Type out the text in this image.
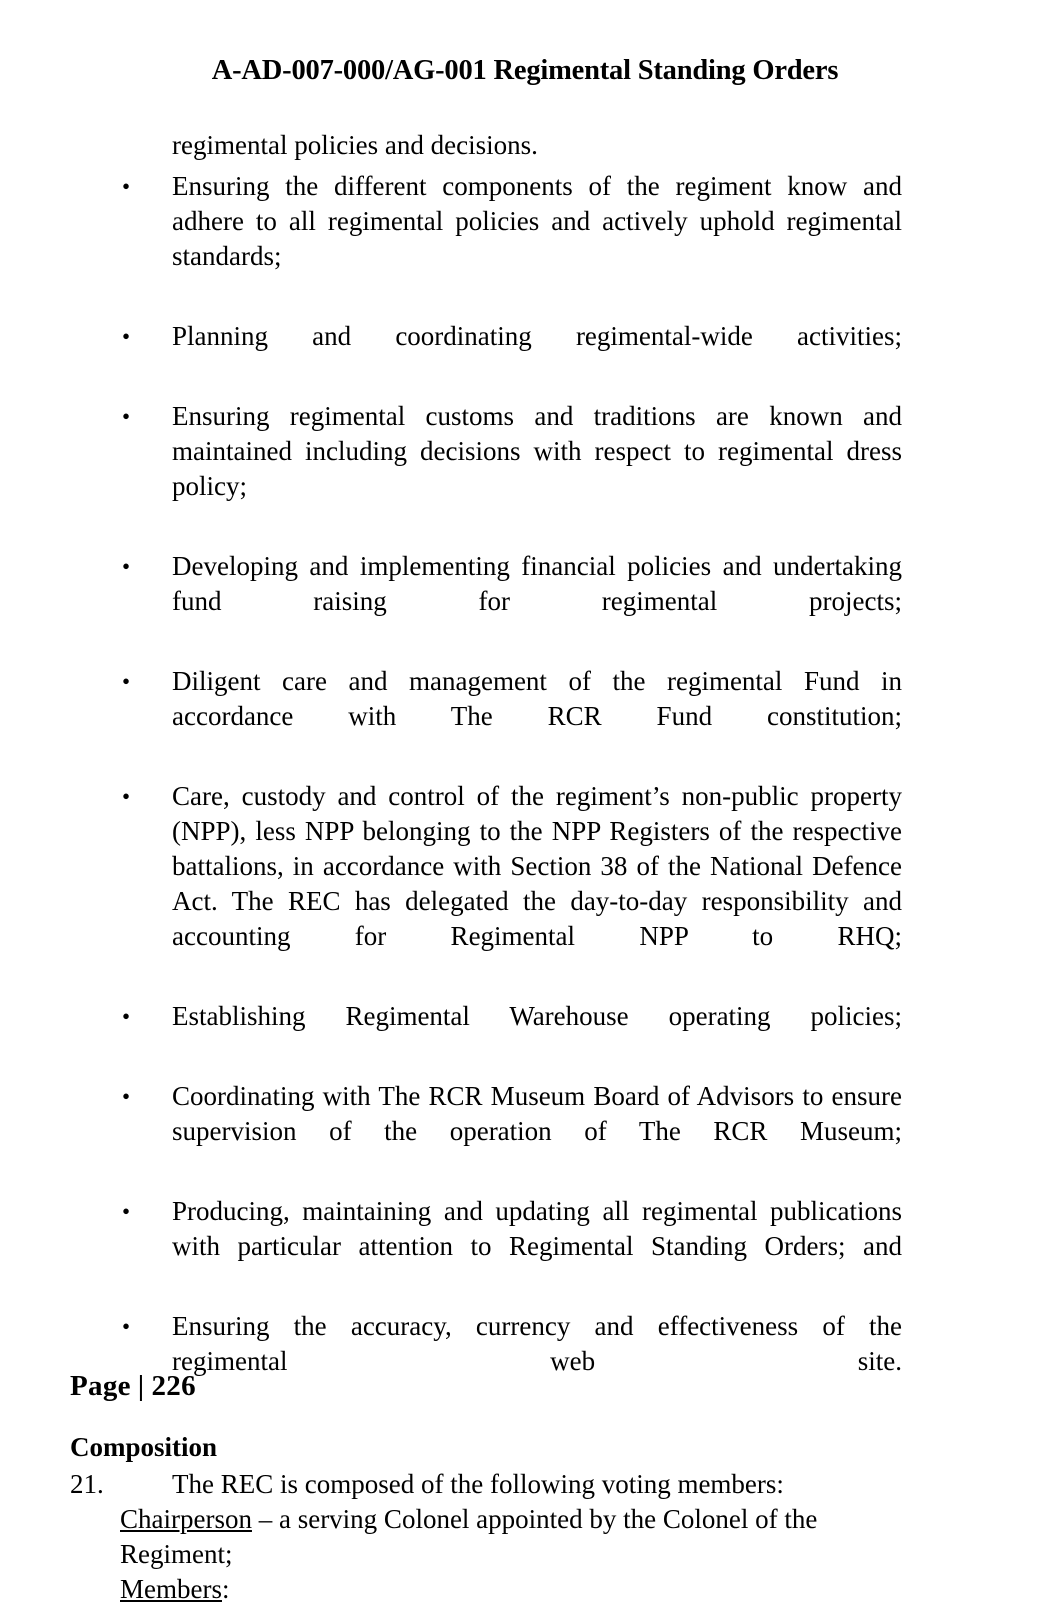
A-AD-007-000/AG-001 Regimental Standing Orders

regimental policies and decisions.

• Ensuring the different components of the regiment know and adhere to all regimental policies and actively uphold regimental standards;
• Planning and coordinating regimental-wide activities;
• Ensuring regimental customs and traditions are known and maintained including decisions with respect to regimental dress policy;
• Developing and implementing financial policies and undertaking fund raising for regimental projects;
• Diligent care and management of the regimental Fund in accordance with The RCR Fund constitution;
• Care, custody and control of the regiment’s non-public property (NPP), less NPP belonging to the NPP Registers of the respective battalions, in accordance with Section 38 of the National Defence Act. The REC has delegated the day-to-day responsibility and accounting for Regimental NPP to RHQ;
• Establishing Regimental Warehouse operating policies;
• Coordinating with The RCR Museum Board of Advisors to ensure supervision of the operation of The RCR Museum;
• Producing, maintaining and updating all regimental publications with particular attention to Regimental Standing Orders; and
• Ensuring the accuracy, currency and effectiveness of the regimental web site.
Composition

21.	The REC is composed of the following voting members:

Chairperson – a serving Colonel appointed by the Colonel of the Regiment;

Members:

Page | 226
